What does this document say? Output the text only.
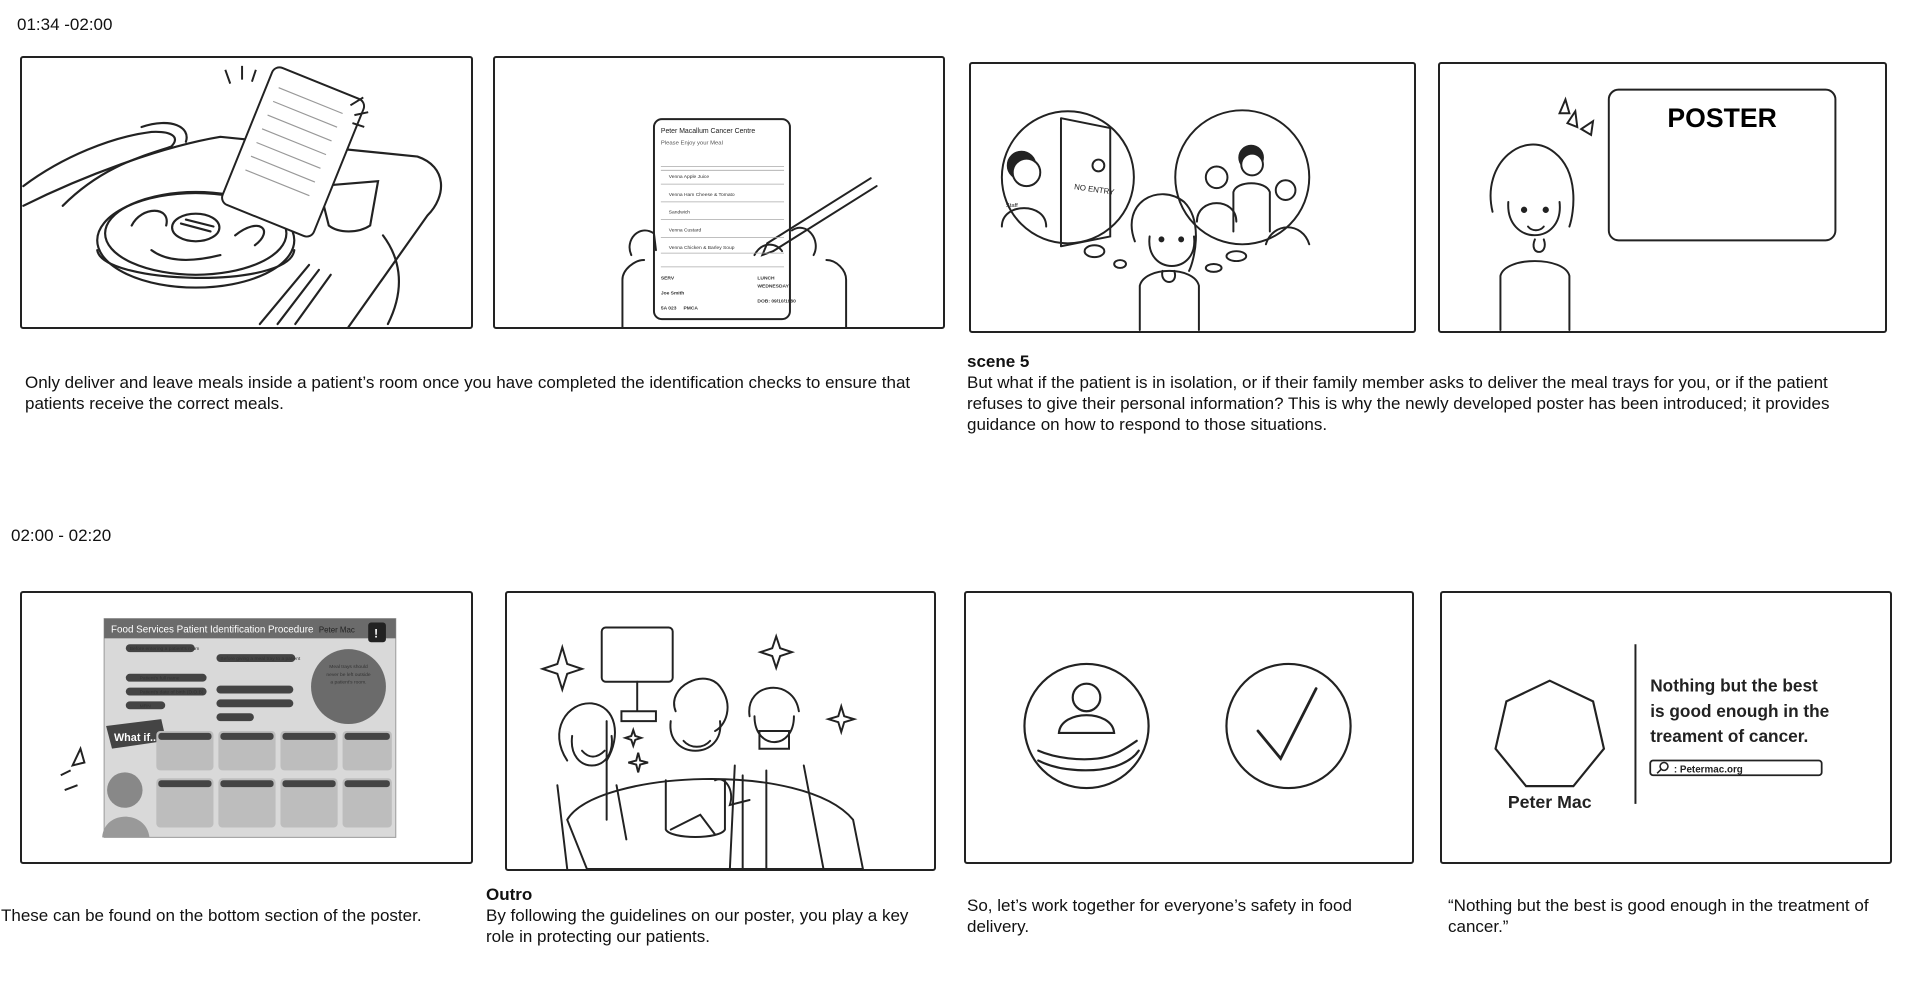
01:34 -02:00
02:00 - 02:20
Peter Macallum Cancer Centre
Please Enjoy your Meal
Venna Apple Juice
Venna Ham Cheese & Tomato
Sandwich
Venna Custard
Venna Chicken & Barley Soup
SERV
Joe Smith
5A 023 PMCA
LUNCH
WEDNESDAY
DOB: 09/10/1980
NO ENTRY
Staff
POSTER
Only deliver and leave meals inside a patient’s room once you have completed the identification checks to ensure that patients receive the correct meals.
scene 5
But what if the patient is in isolation, or if their family member asks to deliver the meal trays for you, or if the patient refuses to give their personal information? This is why the newly developed poster has been introduced; it provides guidance on how to respond to those situations.
Food Services Patient Identification Procedure Peter Mac !
Before entering a patient's room
Before giving a meal tray to a patient
Patient's full name
Patient's date of birth (D.O.B)
MRN
Meal trays should
never be left outside
a patient's room.
What if..
Peter Mac
Nothing but the best
is good enough in the
treament of cancer.
: Petermac.org
These can be found on the bottom section of the poster.
Outro
By following the guidelines on our poster, you play a key role in protecting our patients.
So, let’s work together for everyone’s safety in food delivery.
“Nothing but the best is good enough in the treatment of cancer.”
